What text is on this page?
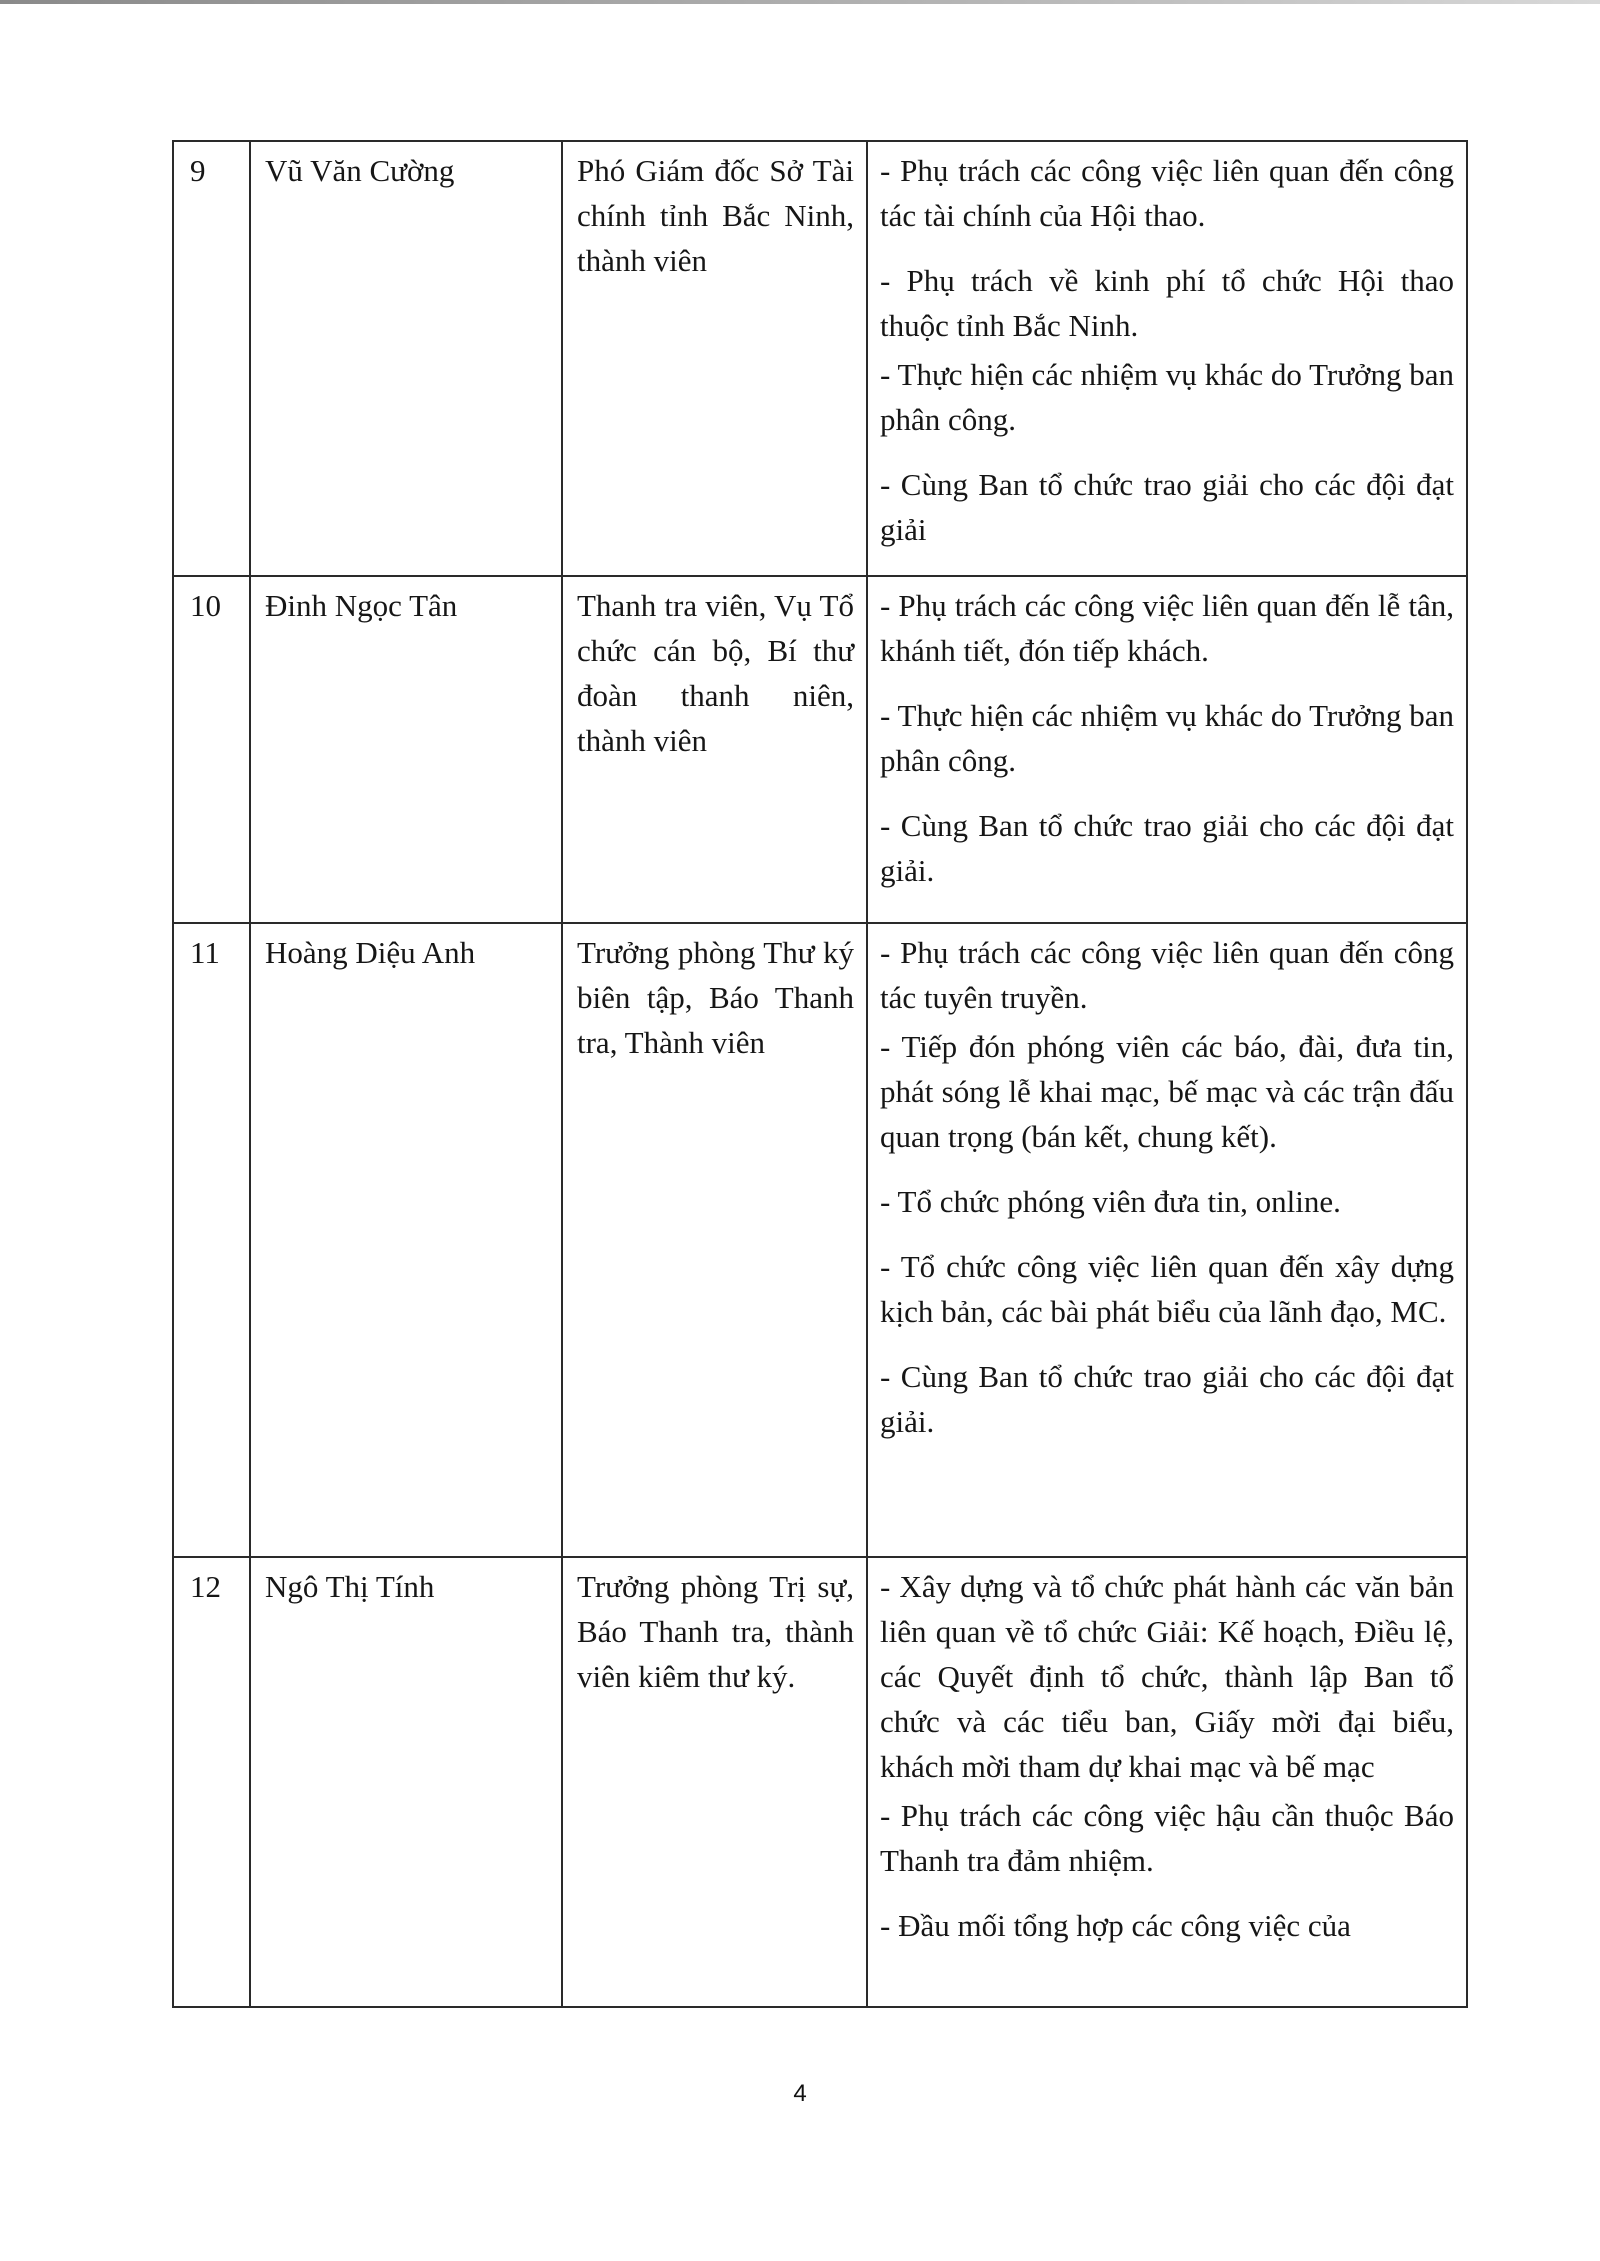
9	Vũ Văn Cường	Phó Giám đốc Sở Tài chính tỉnh Bắc Ninh, thành viên	- Phụ trách các công việc liên quan đến công tác tài chính của Hội thao.
- Phụ trách về kinh phí tổ chức Hội thao thuộc tỉnh Bắc Ninh.
- Thực hiện các nhiệm vụ khác do Trưởng ban phân công.
- Cùng Ban tổ chức trao giải cho các đội đạt giải

10	Đinh Ngọc Tân	Thanh tra viên, Vụ Tổ chức cán bộ, Bí thư đoàn thanh niên, thành viên	- Phụ trách các công việc liên quan đến lễ tân, khánh tiết, đón tiếp khách.
- Thực hiện các nhiệm vụ khác do Trưởng ban phân công.
- Cùng Ban tổ chức trao giải cho các đội đạt giải.

11	Hoàng Diệu Anh	Trưởng phòng Thư ký biên tập, Báo Thanh tra, Thành viên	- Phụ trách các công việc liên quan đến công tác tuyên truyền.
- Tiếp đón phóng viên các báo, đài, đưa tin, phát sóng lễ khai mạc, bế mạc và các trận đấu quan trọng (bán kết, chung kết).
- Tổ chức phóng viên đưa tin, online.
- Tổ chức công việc liên quan đến xây dựng kịch bản, các bài phát biểu của lãnh đạo, MC.
- Cùng Ban tổ chức trao giải cho các đội đạt giải.

12	Ngô Thị Tính	Trưởng phòng Trị sự, Báo Thanh tra, thành viên kiêm thư ký.	- Xây dựng và tổ chức phát hành các văn bản liên quan về tổ chức Giải: Kế hoạch, Điều lệ, các Quyết định tổ chức, thành lập Ban tổ chức và các tiểu ban, Giấy mời đại biểu, khách mời tham dự khai mạc và bế mạc
- Phụ trách các công việc hậu cần thuộc Báo Thanh tra đảm nhiệm.
- Đầu mối tổng hợp các công việc của
4
